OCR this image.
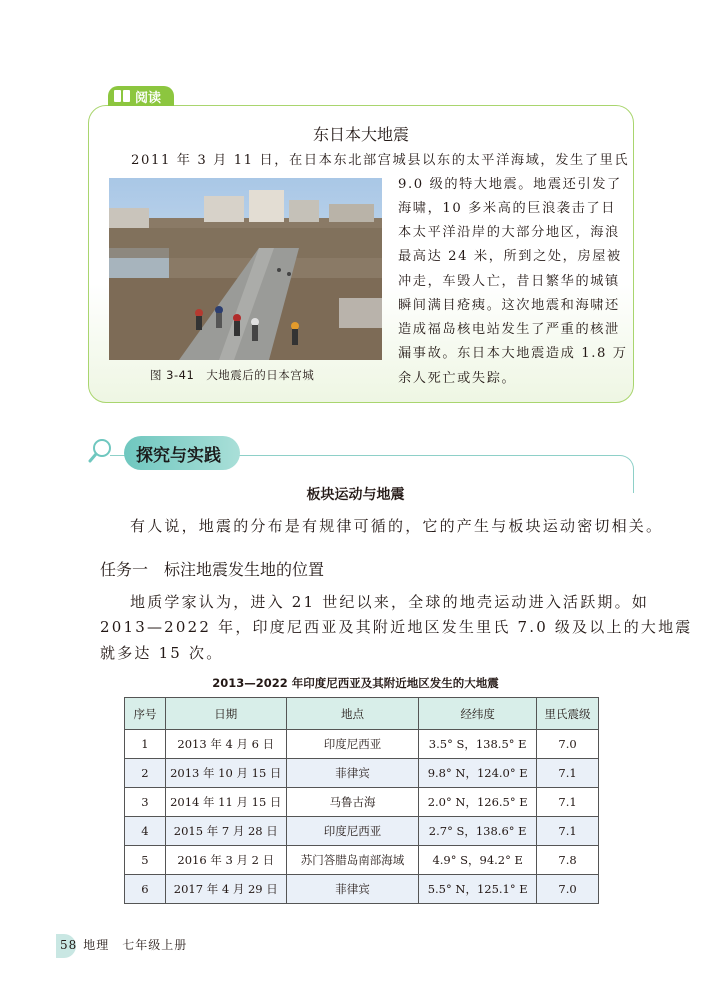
阅读
东日本大地震
2011 年 3 月 11 日，在日本东北部宫城县以东的太平洋海域，发生了里氏
9.0 级的特大地震。地震还引发了
海啸，10 多米高的巨浪袭击了日
本太平洋沿岸的大部分地区，海浪
最高达 24 米，所到之处，房屋被
冲走，车毁人亡，昔日繁华的城镇
瞬间满目疮痍。这次地震和海啸还
造成福岛核电站发生了严重的核泄
漏事故。东日本大地震造成 1.8 万
余人死亡或失踪。
图 3-41　大地震后的日本宫城
探究与实践
板块运动与地震
有人说，地震的分布是有规律可循的，它的产生与板块运动密切相关。
任务一　标注地震发生地的位置
地质学家认为，进入 21 世纪以来，全球的地壳运动进入活跃期。如
2013—2022 年，印度尼西亚及其附近地区发生里氏 7.0 级及以上的大地震
就多达 15 次。
2013—2022 年印度尼西亚及其附近地区发生的大地震
序号	日期	地点	经纬度	里氏震级
1	2013 年 4 月 6 日	印度尼西亚	3.5° S，138.5° E	7.0
2	2013 年 10 月 15 日	菲律宾	9.8° N，124.0° E	7.1
3	2014 年 11 月 15 日	马鲁古海	2.0° N，126.5° E	7.1
4	2015 年 7 月 28 日	印度尼西亚	2.7° S，138.6° E	7.1
5	2016 年 3 月 2 日	苏门答腊岛南部海域	4.9° S，94.2° E	7.8
6	2017 年 4 月 29 日	菲律宾	5.5° N，125.1° E	7.0
58 地理　七年级上册
